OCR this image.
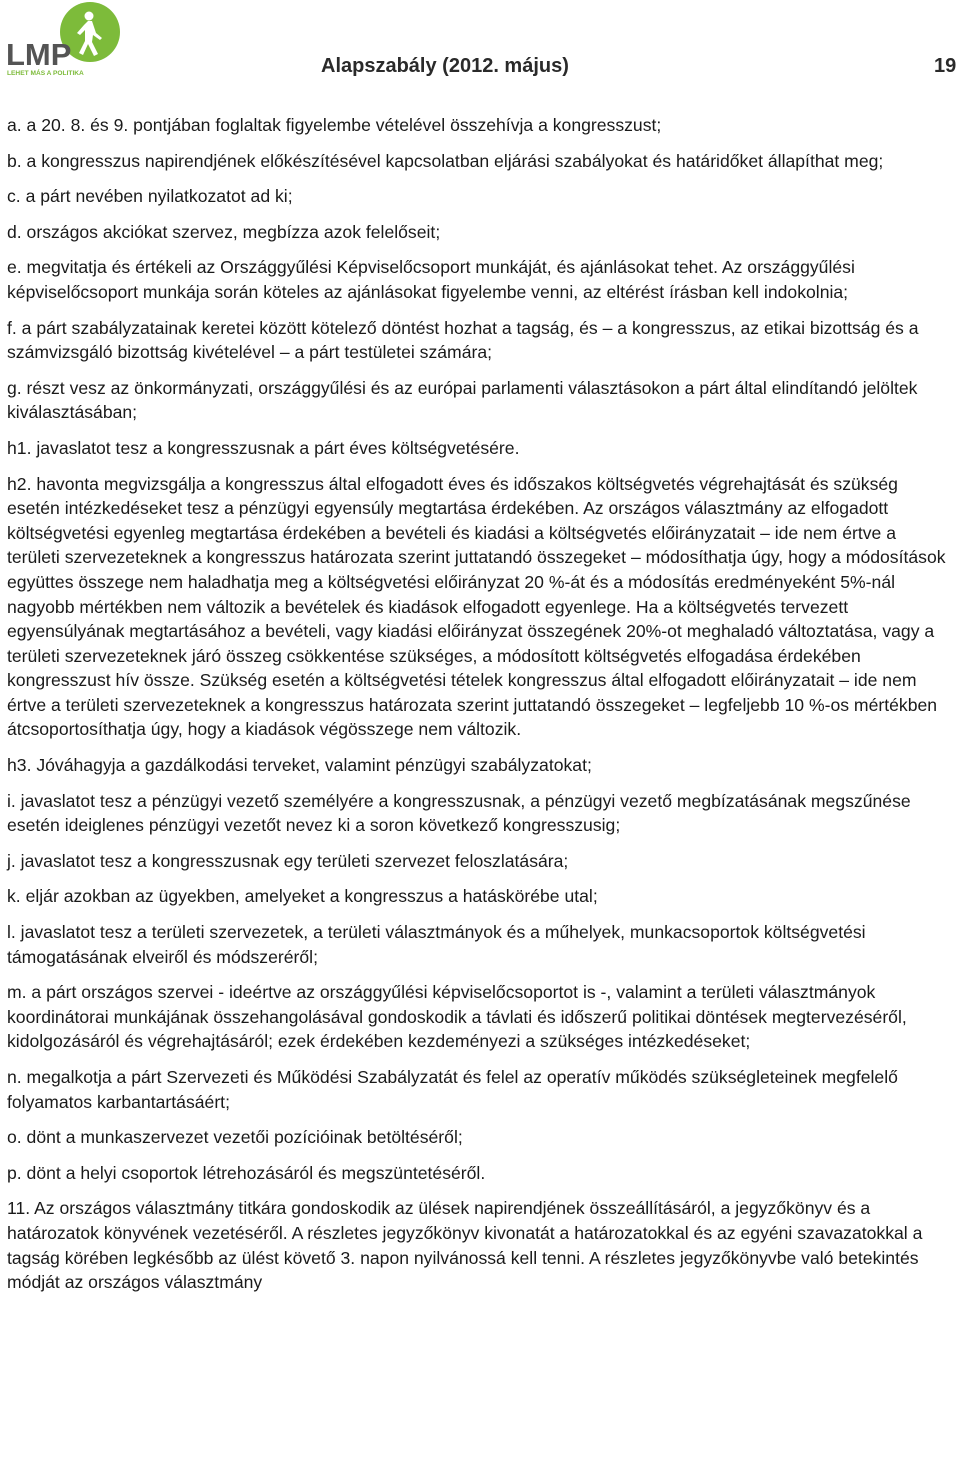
LMP
LEHET MÁS A POLITIKA	Alapszabály (2012. május)	19

a. a 20. 8. és 9. pontjában foglaltak figyelembe vételével összehívja a kongresszust;

b. a kongresszus napirendjének előkészítésével kapcsolatban eljárási szabályokat és határidőket állapíthat meg;

c. a párt nevében nyilatkozatot ad ki;

d. országos akciókat szervez, megbízza azok felelőseit;

e. megvitatja és értékeli az Országgyűlési Képviselőcsoport munkáját, és ajánlásokat tehet. Az országgyűlési képviselőcsoport munkája során köteles az ajánlásokat figyelembe venni, az eltérést írásban kell indokolnia;

f. a párt szabályzatainak keretei között kötelező döntést hozhat a tagság, és – a kongresszus, az etikai bizottság és a számvizsgáló bizottság kivételével – a párt testületei számára;

g. részt vesz az önkormányzati, országgyűlési és az európai parlamenti választásokon a párt által elindítandó jelöltek kiválasztásában;

h1. javaslatot tesz a kongresszusnak a párt éves költségvetésére.

h2. havonta megvizsgálja a kongresszus által elfogadott éves és időszakos költségvetés végrehajtását és szükség esetén intézkedéseket tesz a pénzügyi egyensúly megtartása érdekében. Az országos választmány az elfogadott költségvetési egyenleg megtartása érdekében a bevételi és kiadási a költségvetés előirányzatait – ide nem értve a területi szervezeteknek a kongresszus határozata szerint juttatandó összegeket – módosíthatja úgy, hogy a módosítások együttes összege nem haladhatja meg a költségvetési előirányzat 20 %-át és a módosítás eredményeként 5%-nál nagyobb mértékben nem változik a bevételek és kiadások elfogadott egyenlege. Ha a költségvetés tervezett egyensúlyának megtartásához a bevételi, vagy kiadási előirányzat összegének 20%-ot meghaladó változtatása, vagy a területi szervezeteknek járó összeg csökkentése szükséges, a módosított költségvetés elfogadása érdekében kongresszust hív össze. Szükség esetén a költségvetési tételek kongresszus által elfogadott előirányzatait – ide nem értve a területi szervezeteknek a kongresszus határozata szerint juttatandó összegeket – legfeljebb 10 %-os mértékben átcsoportosíthatja úgy, hogy a kiadások végösszege nem változik.

h3. Jóváhagyja a gazdálkodási terveket, valamint pénzügyi szabályzatokat;

i. javaslatot tesz a pénzügyi vezető személyére a kongresszusnak, a pénzügyi vezető megbízatásának megszűnése esetén ideiglenes pénzügyi vezetőt nevez ki a soron következő kongresszusig;

j. javaslatot tesz a kongresszusnak egy területi szervezet feloszlatására;

k. eljár azokban az ügyekben, amelyeket a kongresszus a hatáskörébe utal;

l. javaslatot tesz a területi szervezetek, a területi választmányok és a műhelyek, munkacsoportok költségvetési támogatásának elveiről és módszeréről;

m. a párt országos szervei - ideértve az országgyűlési képviselőcsoportot is -, valamint a területi választmányok koordinátorai munkájának összehangolásával gondoskodik a távlati és időszerű politikai döntések megtervezéséről, kidolgozásáról és végrehajtásáról; ezek érdekében kezdeményezi a szükséges intézkedéseket;

n. megalkotja a párt Szervezeti és Működési Szabályzatát és felel az operatív működés szükségleteinek megfelelő folyamatos karbantartásáért;

o. dönt a munkaszervezet vezetői pozícióinak betöltéséről;

p. dönt a helyi csoportok létrehozásáról és megszüntetéséről.

11. Az országos választmány titkára gondoskodik az ülések napirendjének összeállításáról, a jegyzőkönyv és a határozatok könyvének vezetéséről. A részletes jegyzőkönyv kivonatát a határozatokkal és az egyéni szavazatokkal a tagság körében legkésőbb az ülést követő 3. napon nyilvánossá kell tenni. A részletes jegyzőkönyvbe való betekintés módját az országos választmány
